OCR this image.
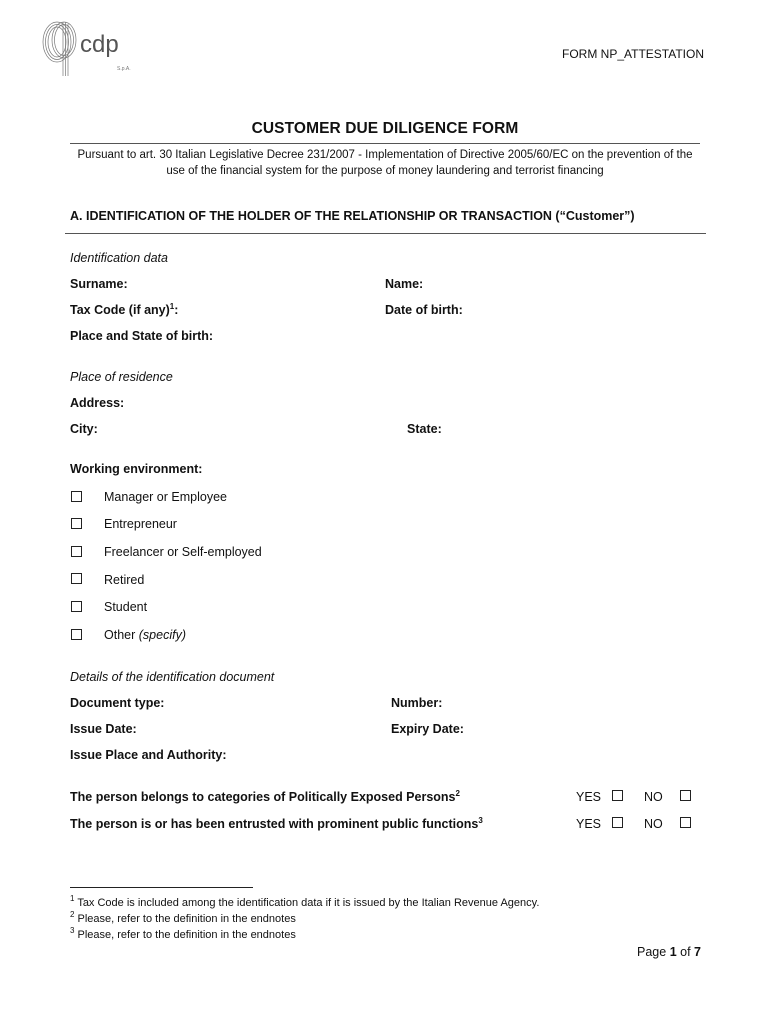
cdp
S.p.A.
FORM NP_ATTESTATION
CUSTOMER DUE DILIGENCE FORM
Pursuant to art. 30 Italian Legislative Decree 231/2007 - Implementation of Directive 2005/60/EC on the prevention of the use of the financial system for the purpose of money laundering and terrorist financing
A. IDENTIFICATION OF THE HOLDER OF THE RELATIONSHIP OR TRANSACTION (“Customer”)
Identification data
Surname:	Name:
Tax Code (if any)$^1$:	Date of birth:
Place and State of birth:
Place of residence
Address:
City:	State:
Working environment:
Manager or Employee
Entrepreneur
Freelancer or Self-employed
Retired
Student
Other (specify)
Details of the identification document
Document type:	Number:
Issue Date:	Expiry Date:
Issue Place and Authority:
The person belongs to categories of Politically Exposed Persons$^2$	YES	NO
The person is or has been entrusted with prominent public functions$^3$	YES	NO
$^1$ Tax Code is included among the identification data if it is issued by the Italian Revenue Agency.
$^2$ Please, refer to the definition in the endnotes
$^3$ Please, refer to the definition in the endnotes
Page 1 of 7
